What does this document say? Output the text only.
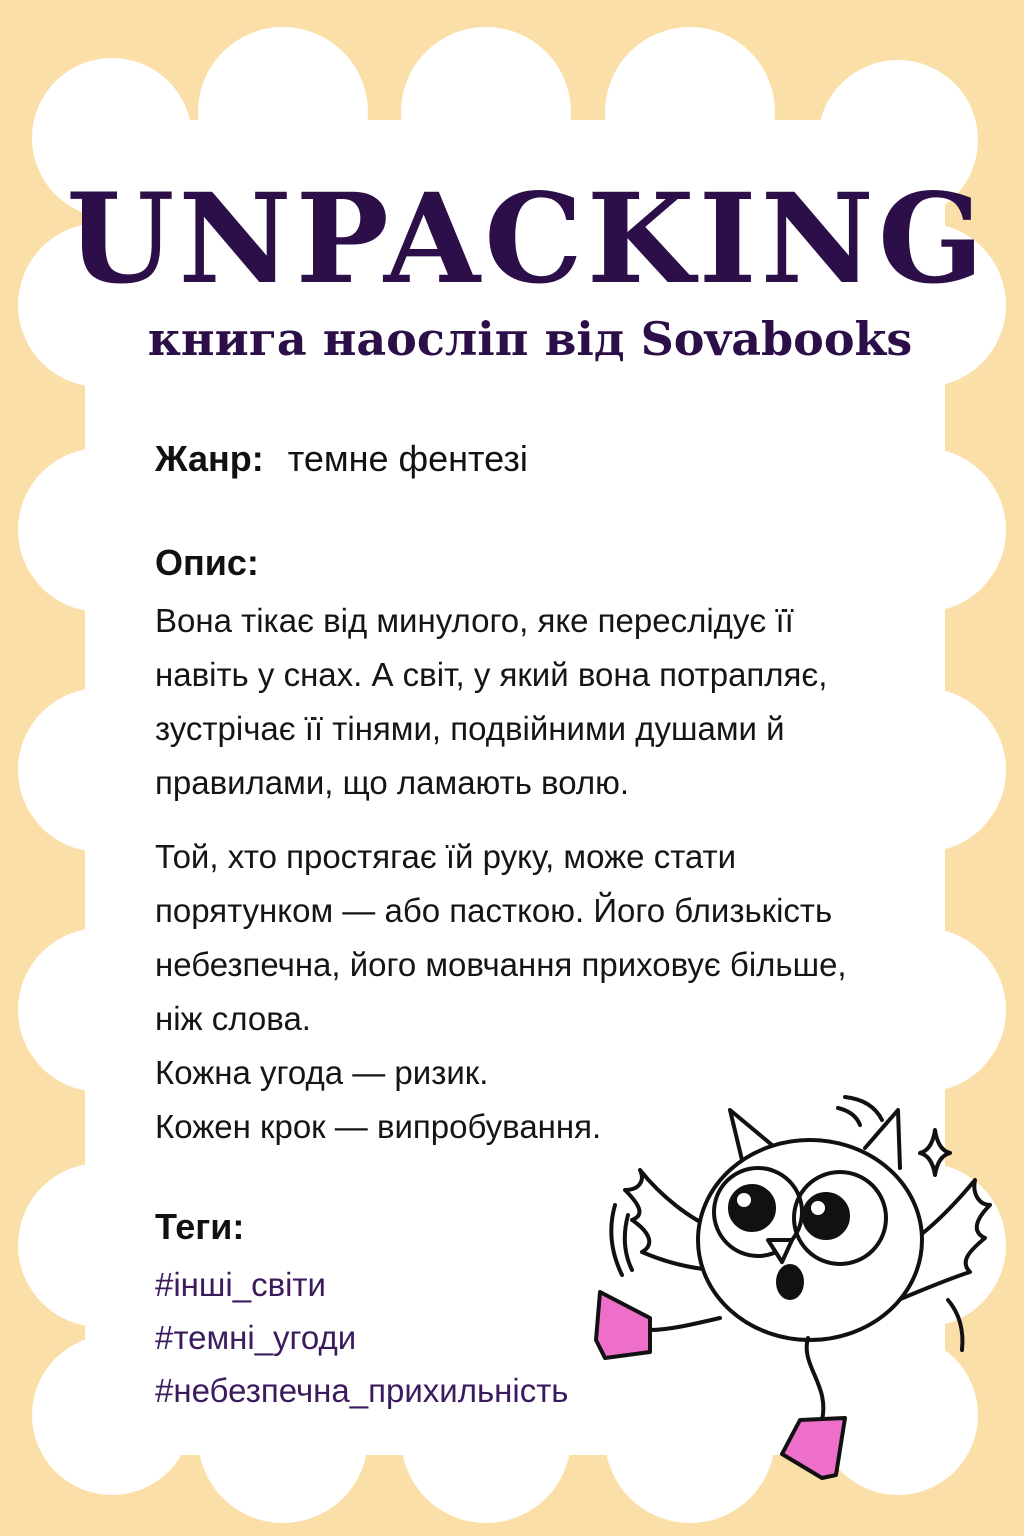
UNPACKING
книга наосліп від Sovabooks
Жанр: темне фентезі
Опис:

Вона тікає від минулого, яке переслідує її навіть у снах. А світ, у який вона потрапляє, зустрічає її тінями, подвійними душами й правилами, що ламають волю.

Той, хто простягає їй руку, може стати порятунком — або пасткою. Його близькість небезпечна, його мовчання приховує більше, ніж слова.

Кожна угода — ризик.

Кожен крок — випробування.

Теги:
#інші_світи
#темні_угоди
#небезпечна_прихильність
